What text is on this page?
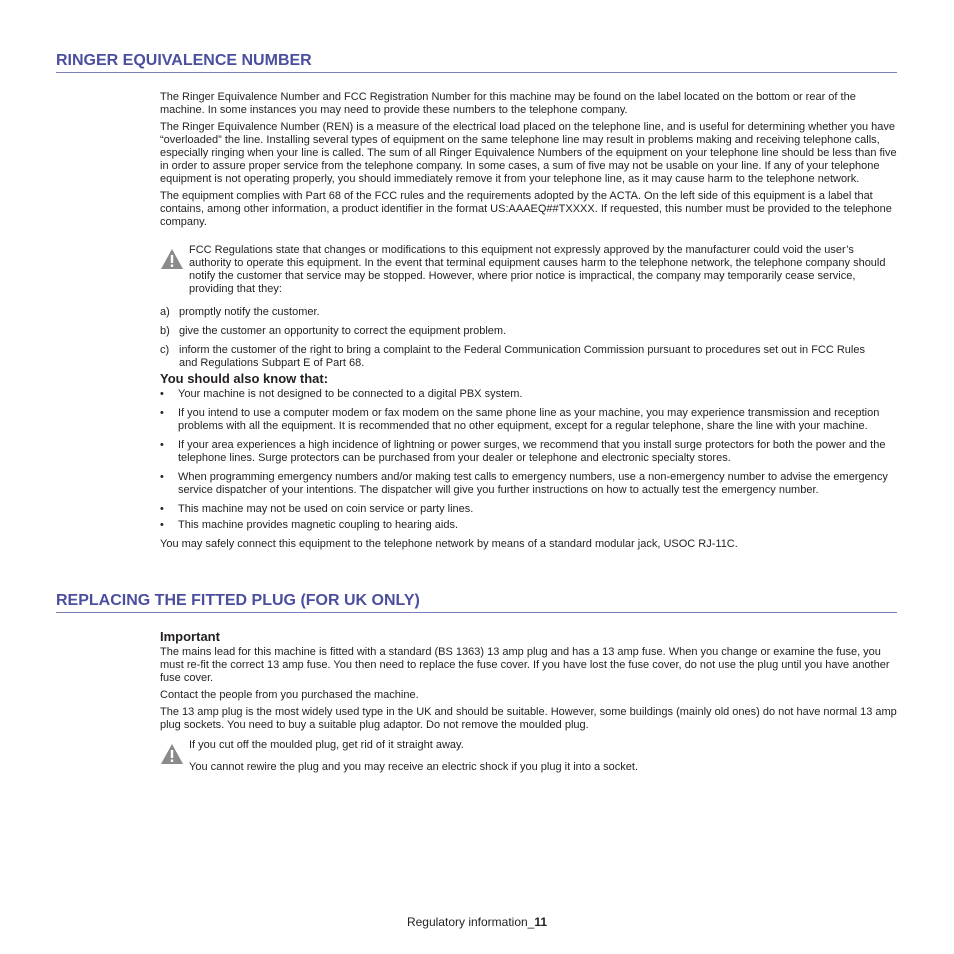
RINGER EQUIVALENCE NUMBER

The Ringer Equivalence Number and FCC Registration Number for this machine may be found on the label located on the bottom or rear of the machine. In some instances you may need to provide these numbers to the telephone company.

The Ringer Equivalence Number (REN) is a measure of the electrical load placed on the telephone line, and is useful for determining whether you have “overloaded” the line. Installing several types of equipment on the same telephone line may result in problems making and receiving telephone calls, especially ringing when your line is called. The sum of all Ringer Equivalence Numbers of the equipment on your telephone line should be less than five in order to assure proper service from the telephone company. In some cases, a sum of five may not be usable on your line. If any of your telephone equipment is not operating properly, you should immediately remove it from your telephone line, as it may cause harm to the telephone network.

The equipment complies with Part 68 of the FCC rules and the requirements adopted by the ACTA. On the left side of this equipment is a label that contains, among other information, a product identifier in the format US:AAAEQ##TXXXX. If requested, this number must be provided to the telephone company.

FCC Regulations state that changes or modifications to this equipment not expressly approved by the manufacturer could void the user’s authority to operate this equipment. In the event that terminal equipment causes harm to the telephone network, the telephone company should notify the customer that service may be stopped. However, where prior notice is impractical, the company may temporarily cease service, providing that they:

a) promptly notify the customer.
b) give the customer an opportunity to correct the equipment problem.
c) inform the customer of the right to bring a complaint to the Federal Communication Commission pursuant to procedures set out in FCC Rules and Regulations Subpart E of Part 68.
You should also know that:
• Your machine is not designed to be connected to a digital PBX system.
• If you intend to use a computer modem or fax modem on the same phone line as your machine, you may experience transmission and reception problems with all the equipment. It is recommended that no other equipment, except for a regular telephone, share the line with your machine.
• If your area experiences a high incidence of lightning or power surges, we recommend that you install surge protectors for both the power and the telephone lines. Surge protectors can be purchased from your dealer or telephone and electronic specialty stores.
• When programming emergency numbers and/or making test calls to emergency numbers, use a non-emergency number to advise the emergency service dispatcher of your intentions. The dispatcher will give you further instructions on how to actually test the emergency number.
• This machine may not be used on coin service or party lines.
• This machine provides magnetic coupling to hearing aids.

You may safely connect this equipment to the telephone network by means of a standard modular jack, USOC RJ-11C.

REPLACING THE FITTED PLUG (FOR UK ONLY)
Important

The mains lead for this machine is fitted with a standard (BS 1363) 13 amp plug and has a 13 amp fuse. When you change or examine the fuse, you must re-fit the correct 13 amp fuse. You then need to replace the fuse cover. If you have lost the fuse cover, do not use the plug until you have another fuse cover.

Contact the people from you purchased the machine.

The 13 amp plug is the most widely used type in the UK and should be suitable. However, some buildings (mainly old ones) do not have normal 13 amp plug sockets. You need to buy a suitable plug adaptor. Do not remove the moulded plug.

If you cut off the moulded plug, get rid of it straight away.

You cannot rewire the plug and you may receive an electric shock if you plug it into a socket.

Regulatory information_11
